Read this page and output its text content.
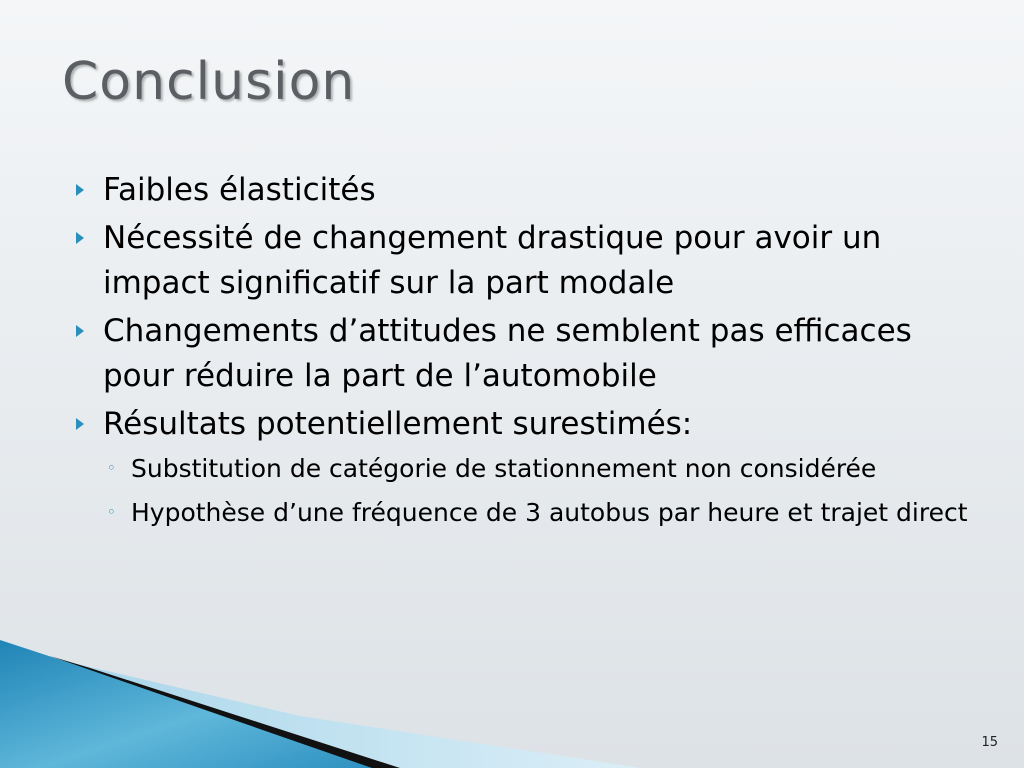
Conclusion
Faibles élasticités
Nécessité de changement drastique pour avoir un impact significatif sur la part modale
Changements d’attitudes ne semblent pas efficaces pour réduire la part de l’automobile
Résultats potentiellement surestimés:
◦ Substitution de catégorie de stationnement non considérée
◦ Hypothèse d’une fréquence de 3 autobus par heure et trajet direct
15
